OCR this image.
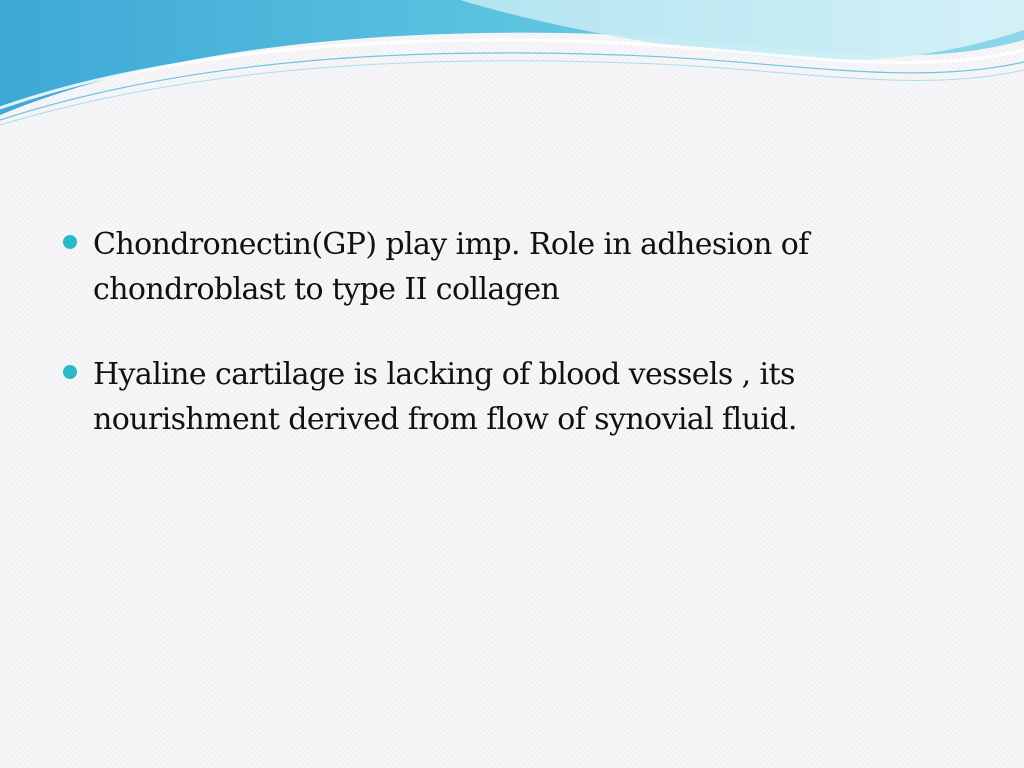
Chondronectin(GP) play imp. Role in adhesion of chondroblast to type II collagen
Hyaline cartilage is lacking of blood vessels , its nourishment derived from flow of synovial fluid.
